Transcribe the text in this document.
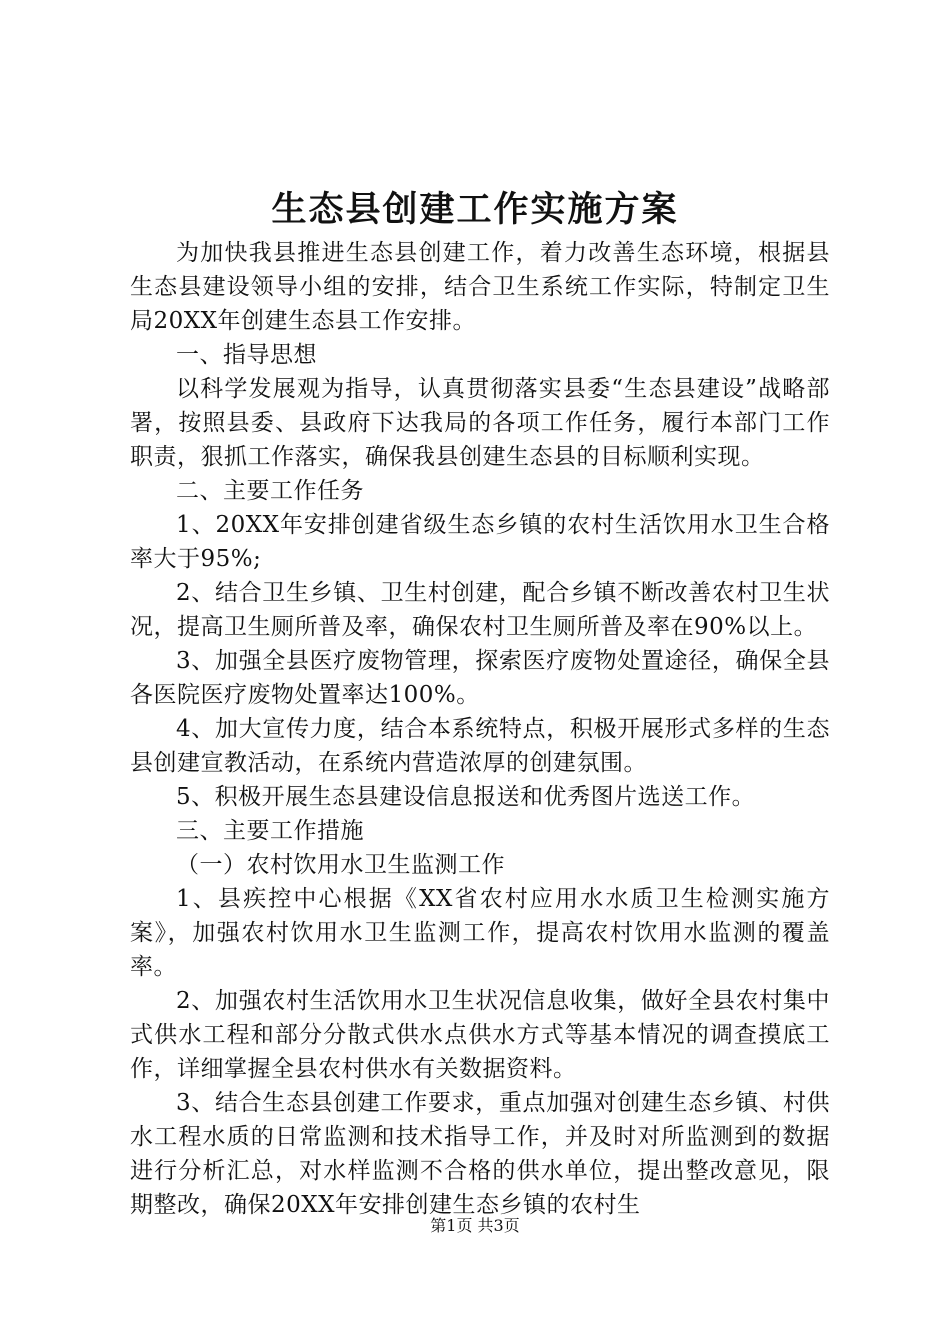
生态县创建工作实施方案

为加快我县推进生态县创建工作，着力改善生态环境，根据县生态县建设领导小组的安排，结合卫生系统工作实际，特制定卫生局20XX年创建生态县工作安排。

一、指导思想

以科学发展观为指导，认真贯彻落实县委“生态县建设”战略部署，按照县委、县政府下达我局的各项工作任务，履行本部门工作职责，狠抓工作落实，确保我县创建生态县的目标顺利实现。

二、主要工作任务

1、20XX年安排创建省级生态乡镇的农村生活饮用水卫生合格率大于95%;

2、结合卫生乡镇、卫生村创建，配合乡镇不断改善农村卫生状况，提高卫生厕所普及率，确保农村卫生厕所普及率在90%以上。

3、加强全县医疗废物管理，探索医疗废物处置途径，确保全县各医院医疗废物处置率达100%。

4、加大宣传力度，结合本系统特点，积极开展形式多样的生态县创建宣教活动，在系统内营造浓厚的创建氛围。

5、积极开展生态县建设信息报送和优秀图片选送工作。

三、主要工作措施

（一）农村饮用水卫生监测工作

1、县疾控中心根据《XX省农村应用水水质卫生检测实施方案》，加强农村饮用水卫生监测工作，提高农村饮用水监测的覆盖率。

2、加强农村生活饮用水卫生状况信息收集，做好全县农村集中式供水工程和部分分散式供水点供水方式等基本情况的调查摸底工作，详细掌握全县农村供水有关数据资料。

3、结合生态县创建工作要求，重点加强对创建生态乡镇、村供水工程水质的日常监测和技术指导工作，并及时对所监测到的数据进行分析汇总，对水样监测不合格的供水单位，提出整改意见，限期整改，确保20XX年安排创建生态乡镇的农村生

第1页 共3页
